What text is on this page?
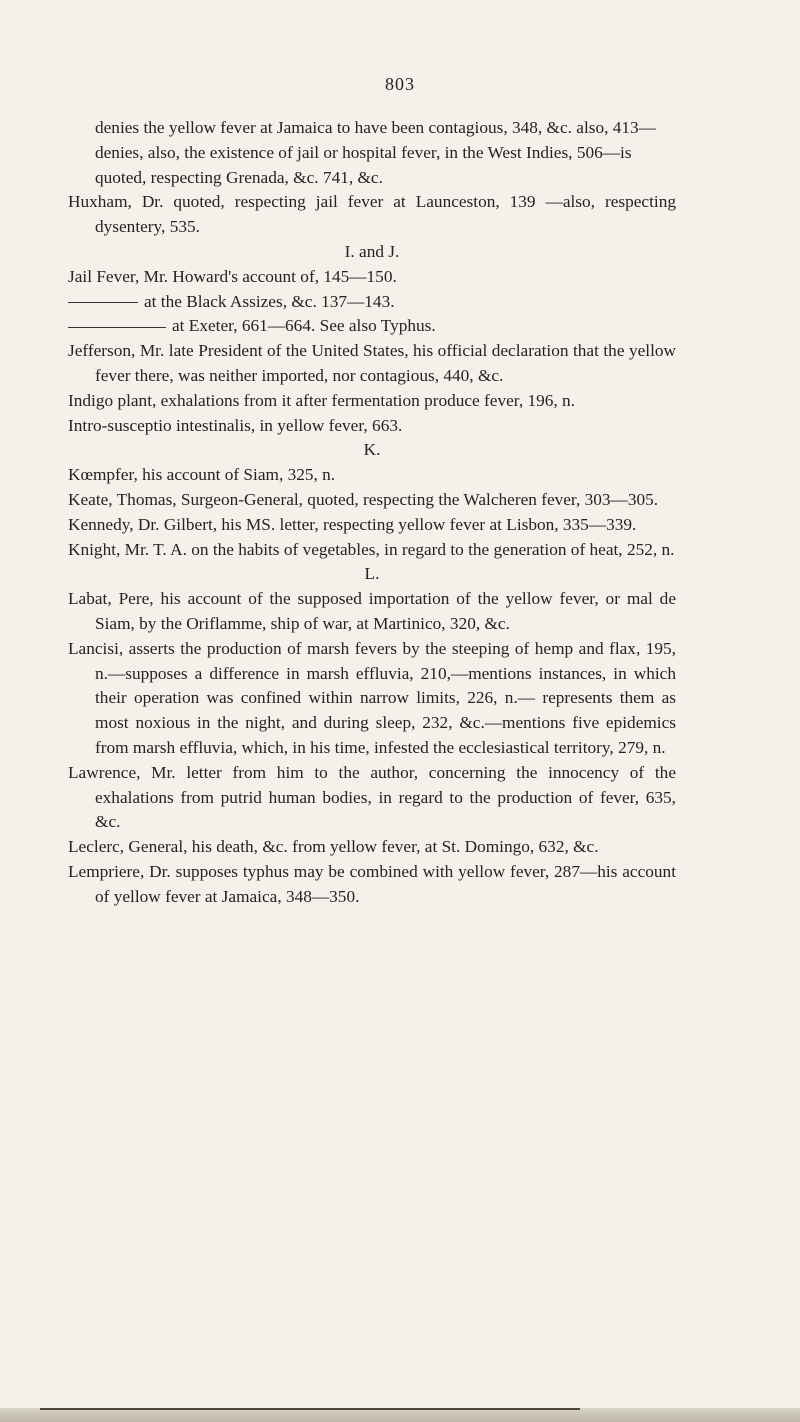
803

denies the yellow fever at Jamaica to have been contagious, 348, &c. also, 413—denies, also, the existence of jail or hospital fever, in the West Indies, 506—is quoted, respecting Grenada, &c. 741, &c.

Huxham, Dr. quoted, respecting jail fever at Launceston, 139 —also, respecting dysentery, 535.

I. and J.

Jail Fever, Mr. Howard's account of, 145—150.

at the Black Assizes, &c. 137—143.

at Exeter, 661—664. See also Typhus.

Jefferson, Mr. late President of the United States, his official declaration that the yellow fever there, was neither imported, nor contagious, 440, &c.

Indigo plant, exhalations from it after fermentation produce fever, 196, n.

Intro-susceptio intestinalis, in yellow fever, 663.

K.

Kœmpfer, his account of Siam, 325, n.

Keate, Thomas, Surgeon-General, quoted, respecting the Walcheren fever, 303—305.

Kennedy, Dr. Gilbert, his MS. letter, respecting yellow fever at Lisbon, 335—339.

Knight, Mr. T. A. on the habits of vegetables, in regard to the generation of heat, 252, n.

L.

Labat, Pere, his account of the supposed importation of the yellow fever, or mal de Siam, by the Oriflamme, ship of war, at Martinico, 320, &c.

Lancisi, asserts the production of marsh fevers by the steeping of hemp and flax, 195, n.—supposes a difference in marsh effluvia, 210,—mentions instances, in which their operation was confined within narrow limits, 226, n.— represents them as most noxious in the night, and during sleep, 232, &c.—mentions five epidemics from marsh effluvia, which, in his time, infested the ecclesiastical territory, 279, n.

Lawrence, Mr. letter from him to the author, concerning the innocency of the exhalations from putrid human bodies, in regard to the production of fever, 635, &c.

Leclerc, General, his death, &c. from yellow fever, at St. Domingo, 632, &c.

Lempriere, Dr. supposes typhus may be combined with yellow fever, 287—his account of yellow fever at Jamaica, 348—350.
